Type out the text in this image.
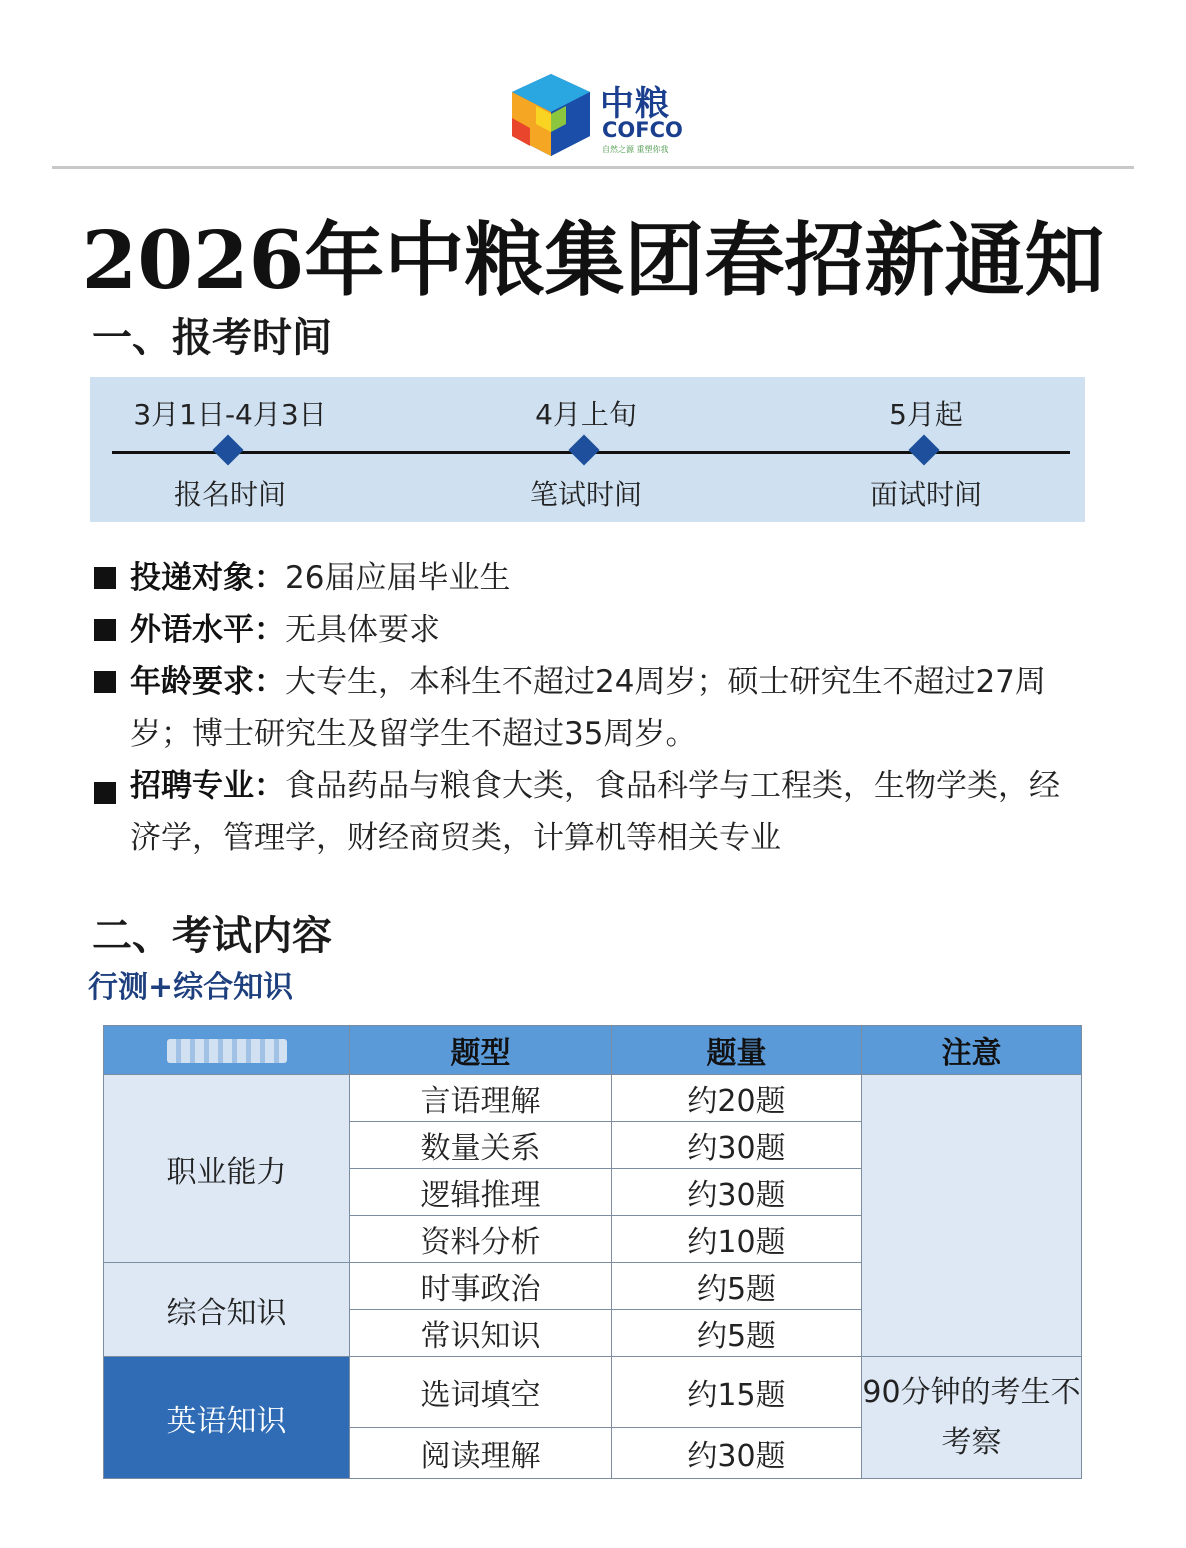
中粮
COFCO
自然之源 重塑你我
2026年中粮集团春招新通知
一、报考时间
3月1日-4月3日
报名时间
4月上旬
笔试时间
5月起
面试时间
投递对象：26届应届毕业生
外语水平：无具体要求
年龄要求：大专生，本科生不超过24周岁；硕士研究生不超过27周岁；博士研究生及留学生不超过35周岁。
招聘专业：食品药品与粮食大类，食品科学与工程类，生物学类，经济学，管理学，财经商贸类，计算机等相关专业
二、考试内容
行测+综合知识
	题型	题量	注意
职业能力	言语理解	约20题	
	数量关系	约30题	
	逻辑推理	约30题	
	资料分析	约10题	
综合知识	时事政治	约5题	
	常识知识	约5题	
英语知识	选词填空	约15题	90分钟的考生不考察
	阅读理解	约30题	
